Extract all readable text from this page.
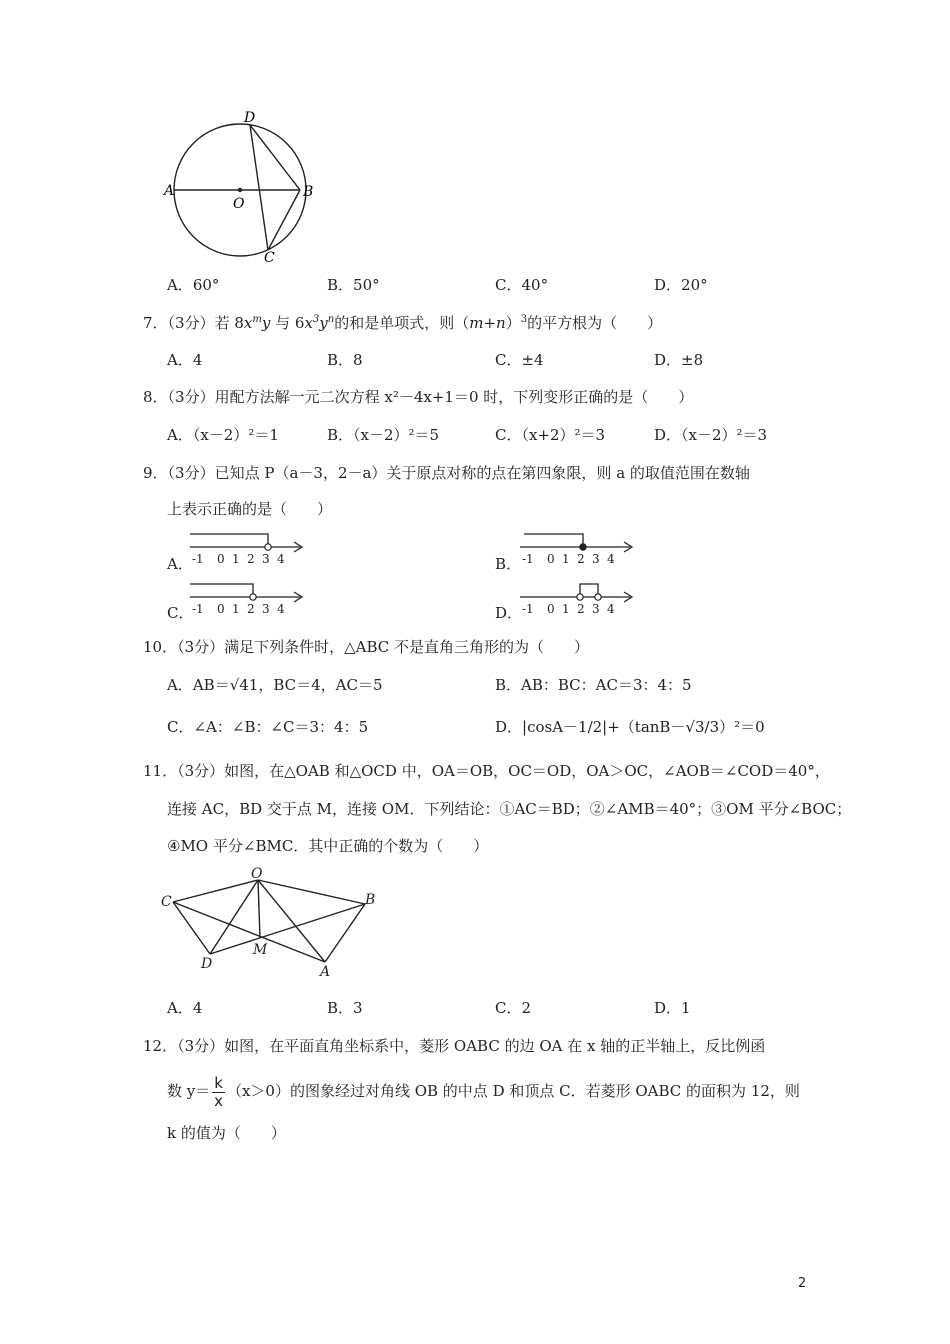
D
A
O
B
C
A．60°	B．50°	C．40°	D．20°
7．（3分）若 $8x^my$ 与 $6x^3y^n$的和是单项式，则$(m+n)^3$的平方根为（　　）
A．4	B．8	C．±4	D．±8
8．（3分）用配方法解一元二次方程 x²－4x+1＝0 时，下列变形正确的是（　　）
A．（x－2）²＝1	B．（x－2）²＝5	C．（x+2）²＝3	D．（x－2）²＝3
9．（3分）已知点 P（a－3，2－a）关于原点对称的点在第四象限，则 a 的取值范围在数轴
上表示正确的是（　　）
A．	B．
C．	D．
-1 0 1 2 3 4	-1 0 1 2 3 4
-1 0 1 2 3 4	-1 0 1 2 3 4
10．（3分）满足下列条件时，△ABC 不是直角三角形的为（　　）
A．AB＝√41，BC＝4，AC＝5	B．AB：BC：AC＝3：4：5
C．∠A：∠B：∠C＝3：4：5	D．|cosA－1/2|+（tanB－√3/3）²＝0
11．（3分）如图，在△OAB 和△OCD 中，OA＝OB，OC＝OD，OA＞OC，∠AOB＝∠COD＝40°，
连接 AC，BD 交于点 M，连接 OM．下列结论：①AC＝BD；②∠AMB＝40°；③OM 平分∠BOC；
④MO 平分∠BMC．其中正确的个数为（　　）
O
B
C
D
M
A
A．4	B．3	C．2	D．1
12．（3分）如图，在平面直角坐标系中，菱形 OABC 的边 OA 在 x 轴的正半轴上，反比例函
数 $y= \frac{k}{x} (x>0)$的图象经过对角线 OB 的中点 D 和顶点 C．若菱形 OABC 的面积为 12，则
k 的值为（　　）
2
